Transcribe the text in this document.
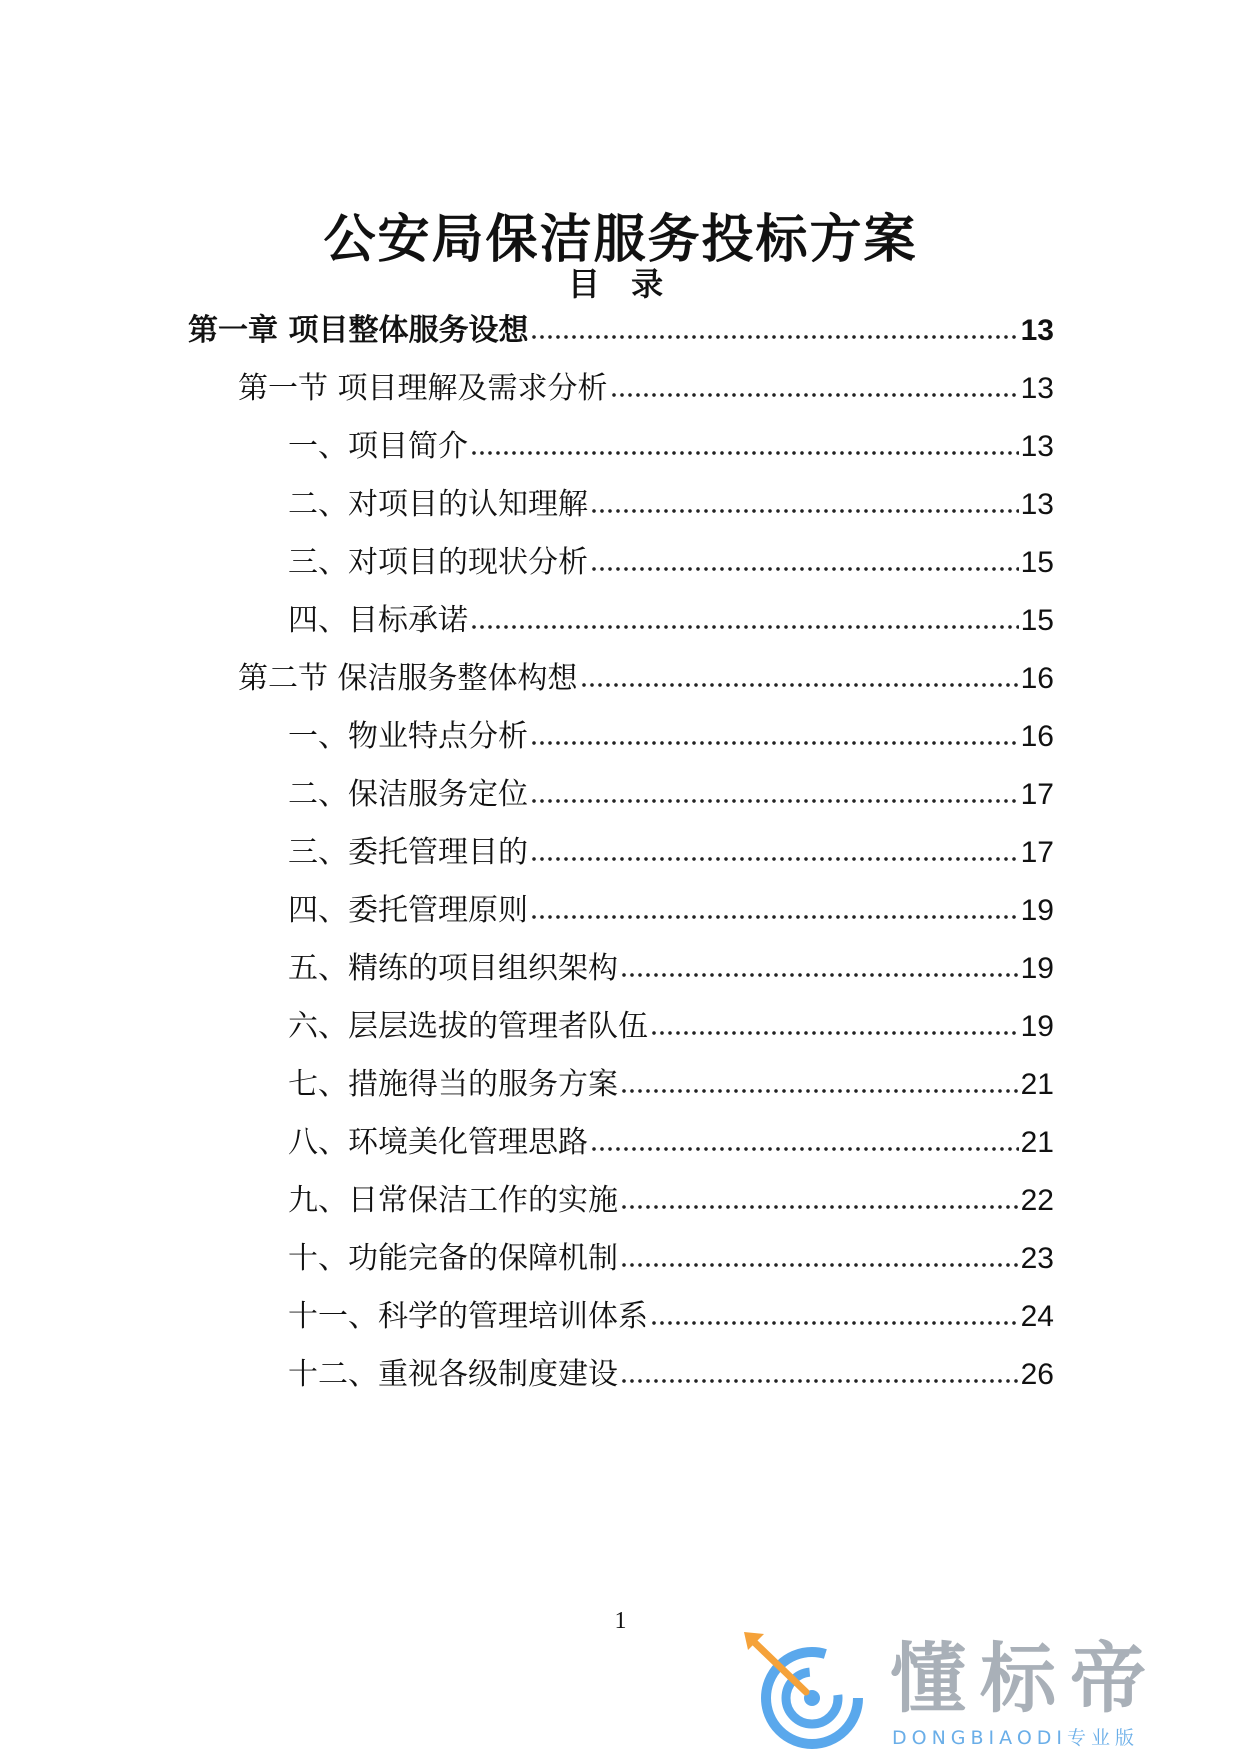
公安局保洁服务投标方案
目 录
第一章 项目整体服务设想	13
第一节 项目理解及需求分析	13
一、项目简介	13
二、对项目的认知理解	13
三、对项目的现状分析	15
四、目标承诺	15
第二节 保洁服务整体构想	16
一、物业特点分析	16
二、保洁服务定位	17
三、委托管理目的	17
四、委托管理原则	19
五、精练的项目组织架构	19
六、层层选拔的管理者队伍	19
七、措施得当的服务方案	21
八、环境美化管理思路	21
九、日常保洁工作的实施	22
十、功能完备的保障机制	23
十一、科学的管理培训体系	24
十二、重视各级制度建设	26
1
懂标帝
DONGBIAODI专业版
